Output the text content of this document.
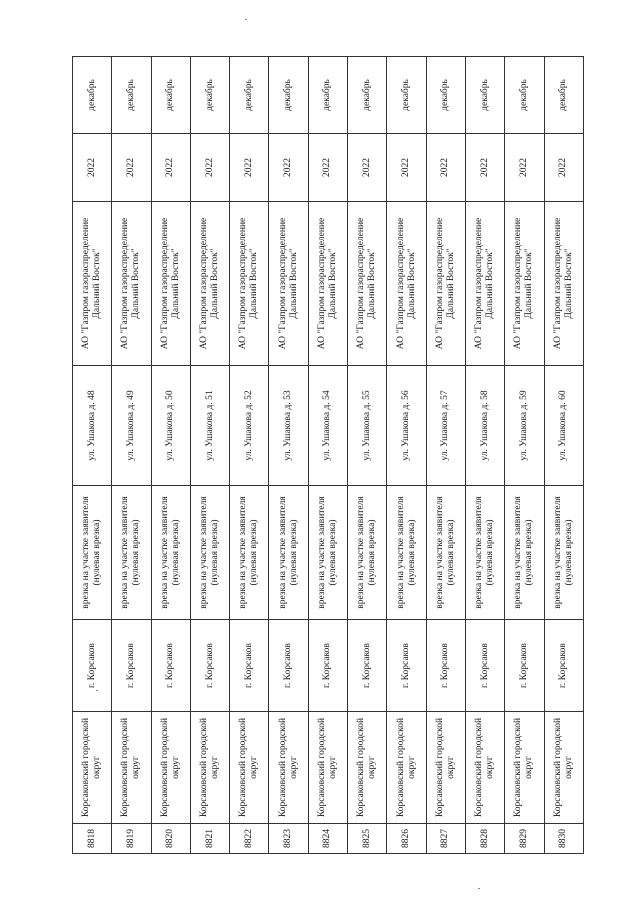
8818	Корсаковский городской округ	г. Корсаков	врезка на участке заявителя (нулевая врезка)	ул. Ушакова д. 48	АО "Газпром газораспределение Дальний Восток"	2022	декабрь
8819	Корсаковский городской округ	г. Корсаков	врезка на участке заявителя (нулевая врезка)	ул. Ушакова д. 49	АО "Газпром газораспределение Дальний Восток"	2022	декабрь
8820	Корсаковский городской округ	г. Корсаков	врезка на участке заявителя (нулевая врезка)	ул. Ушакова д. 50	АО "Газпром газораспределение Дальний Восток"	2022	декабрь
8821	Корсаковский городской округ	г. Корсаков	врезка на участке заявителя (нулевая врезка)	ул. Ушакова д. 51	АО "Газпром газораспределение Дальний Восток"	2022	декабрь
8822	Корсаковский городской округ	г. Корсаков	врезка на участке заявителя (нулевая врезка)	ул. Ушакова д. 52	АО "Газпром газораспределение Дальний Восток"	2022	декабрь
8823	Корсаковский городской округ	г. Корсаков	врезка на участке заявителя (нулевая врезка)	ул. Ушакова д. 53	АО "Газпром газораспределение Дальний Восток"	2022	декабрь
8824	Корсаковский городской округ	г. Корсаков	врезка на участке заявителя (нулевая врезка)	ул. Ушакова д. 54	АО "Газпром газораспределение Дальний Восток"	2022	декабрь
8825	Корсаковский городской округ	г. Корсаков	врезка на участке заявителя (нулевая врезка)	ул. Ушакова д. 55	АО "Газпром газораспределение Дальний Восток"	2022	декабрь
8826	Корсаковский городской округ	г. Корсаков	врезка на участке заявителя (нулевая врезка)	ул. Ушакова д. 56	АО "Газпром газораспределение Дальний Восток"	2022	декабрь
8827	Корсаковский городской округ	г. Корсаков	врезка на участке заявителя (нулевая врезка)	ул. Ушакова д. 57	АО "Газпром газораспределение Дальний Восток"	2022	декабрь
8828	Корсаковский городской округ	г. Корсаков	врезка на участке заявителя (нулевая врезка)	ул. Ушакова д. 58	АО "Газпром газораспределение Дальний Восток"	2022	декабрь
8829	Корсаковский городской округ	г. Корсаков	врезка на участке заявителя (нулевая врезка)	ул. Ушакова д. 59	АО "Газпром газораспределение Дальний Восток"	2022	декабрь
8830	Корсаковский городской округ	г. Корсаков	врезка на участке заявителя (нулевая врезка)	ул. Ушакова д. 60	АО "Газпром газораспределение Дальний Восток"	2022	декабрь
